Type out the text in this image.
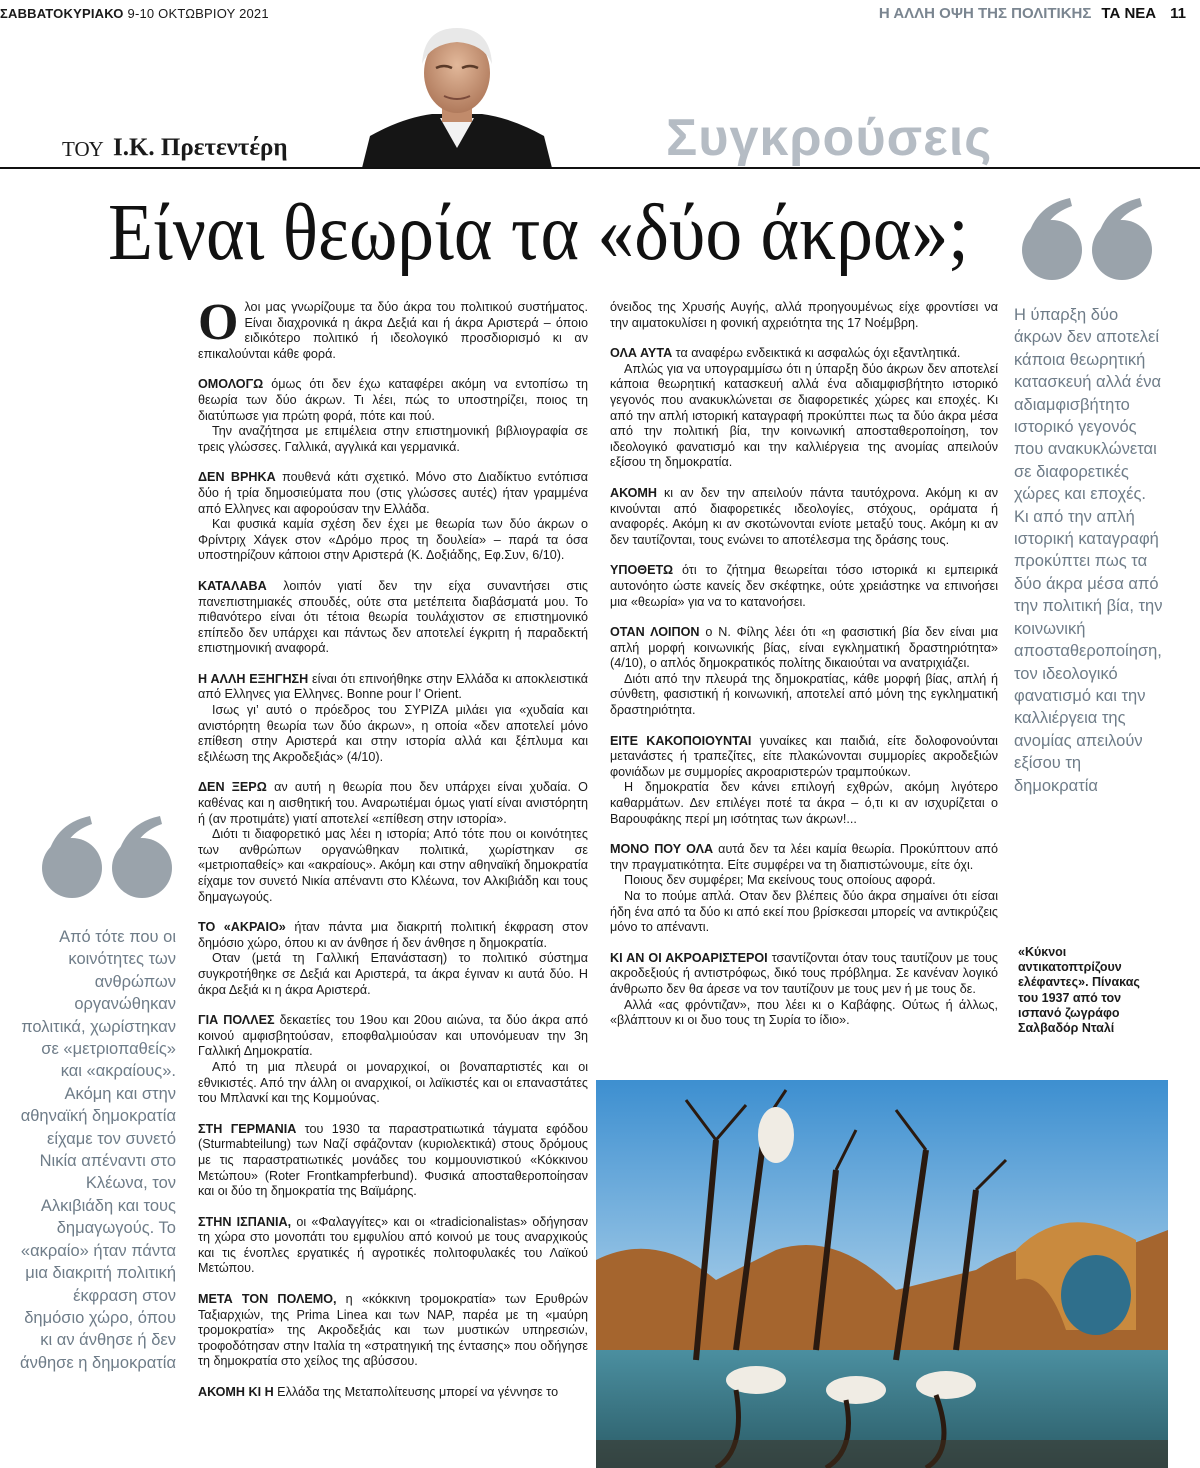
ΣΑΒΒΑΤΟΚΥΡΙΑΚΟ 9-10 ΟΚΤΩΒΡΙΟΥ 2021	Η ΑΛΛΗ ΟΨΗ ΤΗΣ ΠΟΛΙΤΙΚΗΣ ΤΑ ΝΕΑ 11
ΤΟΥ Ι.Κ. Πρετεντέρη	Συγκρούσεις
Είναι θεωρία τα «δύο άκρα»;
Η ύπαρξη δύο άκρων δεν αποτελεί κάποια θεωρητική κατασκευή αλλά ένα αδιαμφισβήτητο ιστορικό γεγονός που ανακυκλώνεται σε διαφορετικές χώρες και εποχές. Κι από την απλή ιστορική καταγραφή προκύπτει πως τα δύο άκρα μέσα από την πολιτική βία, την κοινωνική αποσταθεροποίηση, τον ιδεολογικό φανατισμό και την καλλιέργεια της ανομίας απειλούν εξίσου τη δημοκρατία
Από τότε που οι κοινότητες των ανθρώπων οργανώθηκαν πολιτικά, χωρίστηκαν σε «μετριοπαθείς» και «ακραίους». Ακόμη και στην αθηναϊκή δημοκρατία είχαμε τον συνετό Νικία απέναντι στο Κλέωνα, τον Αλκιβιάδη και τους δημαγωγούς. Το «ακραίο» ήταν πάντα μια διακριτή πολιτική έκφραση στον δημόσιο χώρο, όπου κι αν άνθησε ή δεν άνθησε η δημοκρατία

Ολοι μας γνωρίζουμε τα δύο άκρα του πολιτικού συστήματος. Είναι διαχρονικά η άκρα Δεξιά και ή άκρα Αριστερά – όποιο ειδικότερο πολιτικό ή ιδεολογικό προσδιορισμό κι αν επικαλούνται κάθε φορά.

ΟΜΟΛΟΓΩ όμως ότι δεν έχω καταφέρει ακόμη να εντοπίσω τη θεωρία των δύο άκρων. Τι λέει, πώς το υποστηρίζει, ποιος τη διατύπωσε για πρώτη φορά, πότε και πού.

Την αναζήτησα με επιμέλεια στην επιστημονική βιβλιογραφία σε τρεις γλώσσες. Γαλλικά, αγγλικά και γερμανικά.

ΔΕΝ ΒΡΗΚΑ πουθενά κάτι σχετικό. Μόνο στο Διαδίκτυο εντόπισα δύο ή τρία δημοσιεύματα που (στις γλώσσες αυτές) ήταν γραμμένα από Ελληνες και αφορούσαν την Ελλάδα.

Και φυσικά καμία σχέση δεν έχει με θεωρία των δύο άκρων ο Φρίντριχ Χάγεκ στον «Δρόμο προς τη δουλεία» – παρά τα όσα υποστηρίζουν κάποιοι στην Αριστερά (Κ. Δοξιάδης, Εφ.Συν, 6/10).

ΚΑΤΑΛΑΒΑ λοιπόν γιατί δεν την είχα συναντήσει στις πανεπιστημιακές σπουδές, ούτε στα μετέπειτα διαβάσματά μου. Το πιθανότερο είναι ότι τέτοια θεωρία τουλάχιστον σε επιστημονικό επίπεδο δεν υπάρχει και πάντως δεν αποτελεί έγκριτη ή παραδεκτή επιστημονική αναφορά.

Η ΑΛΛΗ ΕΞΗΓΗΣΗ είναι ότι επινοήθηκε στην Ελλάδα κι αποκλειστικά από Ελληνες για Ελληνες. Bonne pour l’ Orient.

Ισως γι’ αυτό ο πρόεδρος του ΣΥΡΙΖΑ μιλάει για «χυδαία και ανιστόρητη θεωρία των δύο άκρων», η οποία «δεν αποτελεί μόνο επίθεση στην Αριστερά και στην ιστορία αλλά και ξέπλυμα και εξιλέωση της Ακροδεξιάς» (4/10).

ΔΕΝ ΞΕΡΩ αν αυτή η θεωρία που δεν υπάρχει είναι χυδαία. Ο καθένας και η αισθητική του. Αναρωτιέμαι όμως γιατί είναι ανιστόρητη ή (αν προτιμάτε) γιατί αποτελεί «επίθεση στην ιστορία».

Διότι τι διαφορετικό μας λέει η ιστορία; Από τότε που οι κοινότητες των ανθρώπων οργανώθηκαν πολιτικά, χωρίστηκαν σε «μετριοπαθείς» και «ακραίους». Ακόμη και στην αθηναϊκή δημοκρατία είχαμε τον συνετό Νικία απέναντι στο Κλέωνα, τον Αλκιβιάδη και τους δημαγωγούς.

ΤΟ «ΑΚΡΑΙΟ» ήταν πάντα μια διακριτή πολιτική έκφραση στον δημόσιο χώρο, όπου κι αν άνθησε ή δεν άνθησε η δημοκρατία.

Οταν (μετά τη Γαλλική Επανάσταση) το πολιτικό σύστημα συγκροτήθηκε σε Δεξιά και Αριστερά, τα άκρα έγιναν κι αυτά δύο. Η άκρα Δεξιά κι η άκρα Αριστερά.

ΓΙΑ ΠΟΛΛΕΣ δεκαετίες του 19ου και 20ου αιώνα, τα δύο άκρα από κοινού αμφισβητούσαν, εποφθαλμιούσαν και υπονόμευαν την 3η Γαλλική Δημοκρατία.

Από τη μια πλευρά οι μοναρχικοί, οι βοναπαρτιστές και οι εθνικιστές. Από την άλλη οι αναρχικοί, οι λαϊκιστές και οι επαναστάτες του Μπλανκί και της Κομμούνας.

ΣΤΗ ΓΕΡΜΑΝΙΑ του 1930 τα παραστρατιωτικά τάγματα εφόδου (Sturmabteilung) των Ναζί σφάζονταν (κυριολεκτικά) στους δρόμους με τις παραστρατιωτικές μονάδες του κομμουνιστικού «Κόκκινου Μετώπου» (Roter Frontkampferbund). Φυσικά αποσταθεροποίησαν και οι δύο τη δημοκρατία της Βαϊμάρης.

ΣΤΗΝ ΙΣΠΑΝΙΑ, οι «Φαλαγγίτες» και οι «tradicionalistas» οδήγησαν τη χώρα στο μονοπάτι του εμφυλίου από κοινού με τους αναρχικούς και τις ένοπλες εργατικές ή αγροτικές πολιτοφυλακές του Λαϊκού Μετώπου.

ΜΕΤΑ ΤΟΝ ΠΟΛΕΜΟ, η «κόκκινη τρομοκρατία» των Ερυθρών Ταξιαρχιών, της Prima Linea και των ΝΑΡ, παρέα με τη «μαύρη τρομοκρατία» της Ακροδεξιάς και των μυστικών υπηρεσιών, τροφοδότησαν στην Ιταλία τη «στρατηγική της έντασης» που οδήγησε τη δημοκρατία στο χείλος της αβύσσου.

ΑΚΟΜΗ ΚΙ Η Ελλάδα της Μεταπολίτευσης μπορεί να γέννησε το

όνειδος της Χρυσής Αυγής, αλλά προηγουμένως είχε φροντίσει να την αιματοκυλίσει η φονική αχρειότητα της 17 Νοέμβρη.

ΟΛΑ ΑΥΤΑ τα αναφέρω ενδεικτικά κι ασφαλώς όχι εξαντλητικά.

Απλώς για να υπογραμμίσω ότι η ύπαρξη δύο άκρων δεν αποτελεί κάποια θεωρητική κατασκευή αλλά ένα αδιαμφισβήτητο ιστορικό γεγονός που ανακυκλώνεται σε διαφορετικές χώρες και εποχές. Κι από την απλή ιστορική καταγραφή προκύπτει πως τα δύο άκρα μέσα από την πολιτική βία, την κοινωνική αποσταθεροποίηση, τον ιδεολογικό φανατισμό και την καλλιέργεια της ανομίας απειλούν εξίσου τη δημοκρατία.

ΑΚΟΜΗ κι αν δεν την απειλούν πάντα ταυτόχρονα. Ακόμη κι αν κινούνται από διαφορετικές ιδεολογίες, στόχους, οράματα ή αναφορές. Ακόμη κι αν σκοτώνονται ενίοτε μεταξύ τους. Ακόμη κι αν δεν ταυτίζονται, τους ενώνει το αποτέλεσμα της δράσης τους.

ΥΠΟΘΕΤΩ ότι το ζήτημα θεωρείται τόσο ιστορικά κι εμπειρικά αυτονόητο ώστε κανείς δεν σκέφτηκε, ούτε χρειάστηκε να επινοήσει μια «θεωρία» για να το κατανοήσει.

ΟΤΑΝ ΛΟΙΠΟΝ ο Ν. Φίλης λέει ότι «η φασιστική βία δεν είναι μια απλή μορφή κοινωνικής βίας, είναι εγκληματική δραστηριότητα» (4/10), ο απλός δημοκρατικός πολίτης δικαιούται να ανατριχιάζει.

Διότι από την πλευρά της δημοκρατίας, κάθε μορφή βίας, απλή ή σύνθετη, φασιστική ή κοινωνική, αποτελεί από μόνη της εγκληματική δραστηριότητα.

ΕΙΤΕ ΚΑΚΟΠΟΙΟΥΝΤΑΙ γυναίκες και παιδιά, είτε δολοφονούνται μετανάστες ή τραπεζίτες, είτε πλακώνονται συμμορίες ακροδεξιών φονιάδων με συμμορίες ακροαριστερών τραμπούκων.

Η δημοκρατία δεν κάνει επιλογή εχθρών, ακόμη λιγότερο καθαρμάτων. Δεν επιλέγει ποτέ τα άκρα – ό,τι κι αν ισχυρίζεται ο Βαρουφάκης περί μη ισότητας των άκρων!...

ΜΟΝΟ ΠΟΥ ΟΛΑ αυτά δεν τα λέει καμία θεωρία. Προκύπτουν από την πραγματικότητα. Είτε συμφέρει να τη διαπιστώνουμε, είτε όχι.

Ποιους δεν συμφέρει; Μα εκείνους τους οποίους αφορά.

Να το πούμε απλά. Οταν δεν βλέπεις δύο άκρα σημαίνει ότι είσαι ήδη ένα από τα δύο κι από εκεί που βρίσκεσαι μπορείς να αντικρύζεις μόνο το απέναντι.

ΚΙ ΑΝ ΟΙ ΑΚΡΟΑΡΙΣΤΕΡΟΙ τσαντίζονται όταν τους ταυτίζουν με τους ακροδεξιούς ή αντιστρόφως, δικό τους πρόβλημα. Σε κανέναν λογικό άνθρωπο δεν θα άρεσε να τον ταυτίζουν με τους μεν ή με τους δε.

Αλλά «ας φρόντιζαν», που λέει κι ο Καβάφης. Ούτως ή άλλως, «βλάπτουν κι οι δυο τους τη Συρία το ίδιο».

«Κύκνοι αντικατοπτρίζουν ελέφαντες». Πίνακας του 1937 από τον ισπανό ζωγράφο Σαλβαδόρ Νταλί
